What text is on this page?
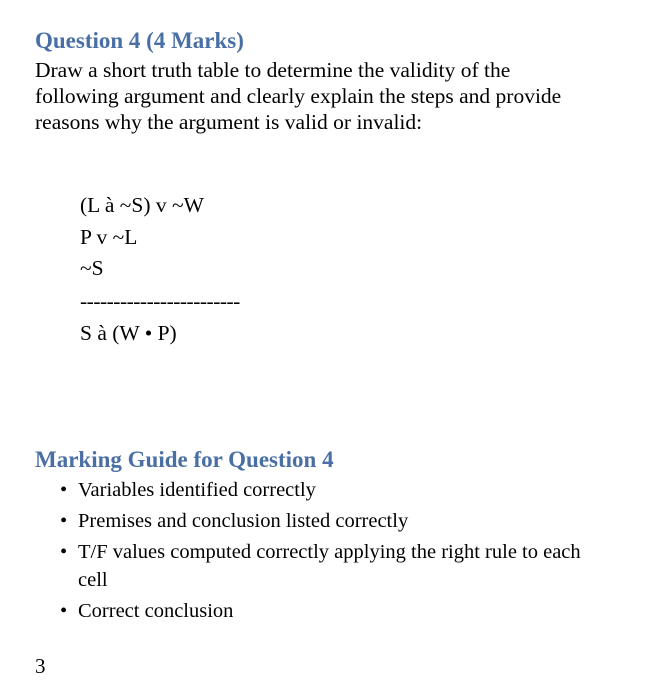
Question 4 (4 Marks)
Draw a short truth table to determine the validity of the
following argument and clearly explain the steps and provide
reasons why the argument is valid or invalid:
(L à ~S) v ~W
P v ~L
~S
------------------------
S à (W • P)
Marking Guide for Question 4
• Variables identified correctly
• Premises and conclusion listed correctly
• T/F values computed correctly applying the right rule to each cell
• Correct conclusion
3
